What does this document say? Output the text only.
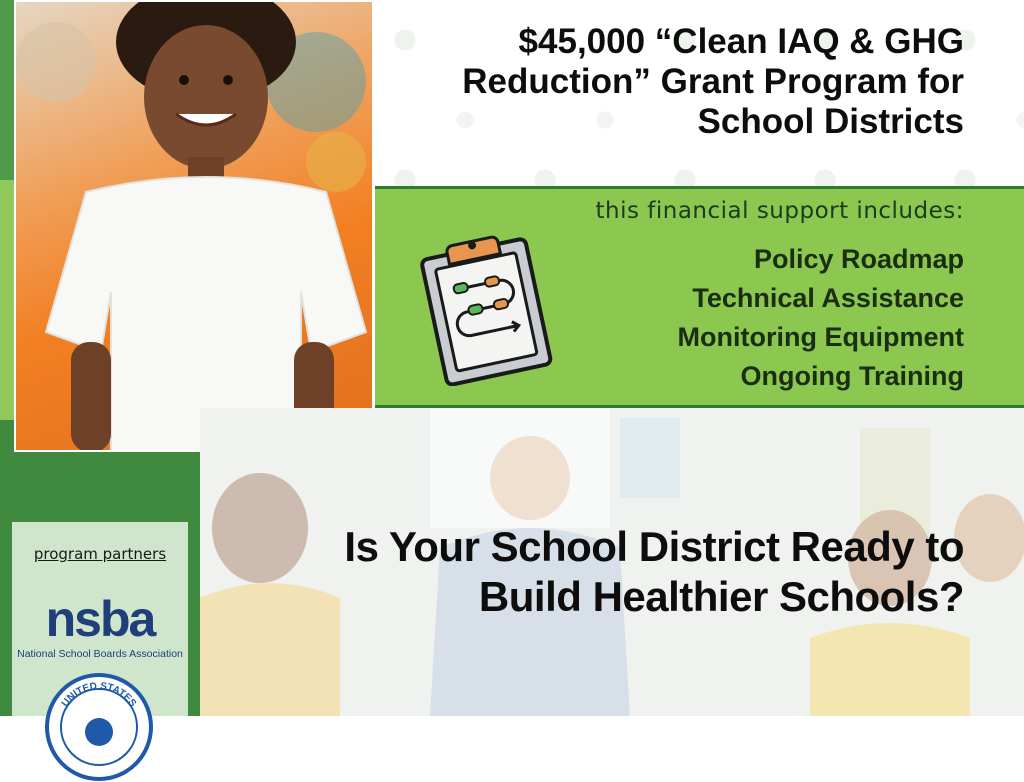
$45,000 “Clean IAQ & GHG Reduction” Grant Program for School Districts
this financial support includes:
Policy Roadmap
Technical Assistance
Monitoring Equipment
Ongoing Training
Is Your School District Ready to Build Healthier Schools?
program partners
nsba
National School Boards Association
UNITED STATES
